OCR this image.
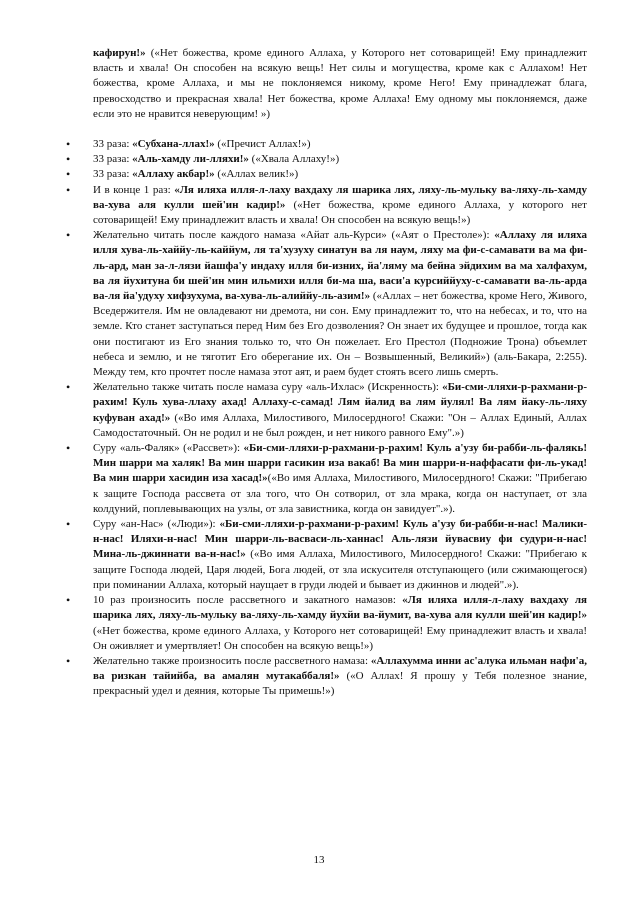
кафирун!» («Нет божества, кроме единого Аллаха, у Которого нет сотоварищей! Ему принадлежит власть и хвала! Он способен на всякую вещь! Нет силы и могущества, кроме как с Аллахом! Нет божества, кроме Аллаха, и мы не поклоняемся никому, кроме Него! Ему принадлежат блага, превосходство и прекрасная хвала! Нет божества, кроме Аллаха! Ему одному мы поклоняемся, даже если это не нравится неверующим! »)

• 33 раза: «Субхана-ллах!» («Пречист Аллах!»)
• 33 раза: «Аль-хамду ли-лляхи!» («Хвала Аллаху!»)
• 33 раза: «Аллаху акбар!» («Аллах велик!»)
• И в конце 1 раз: «Ля иляха илля-л-лаху вахдаху ля шарика лях, ляху-ль-мульку ва-ляху-ль-хамду ва-хува аля кулли шей'ин кадир!» («Нет божества, кроме единого Аллаха, у которого нет сотоварищей! Ему принадлежит власть и хвала! Он способен на всякую вещь!»)
• Желательно читать после каждого намаза «Айат аль-Курси» («Аят о Престоле»): «Аллаху ля иляха илля хува-ль-хаййу-ль-каййум, ля та'хузуху синатун ва ля наум, ляху ма фи-с-самавати ва ма фи-ль-ард, ман за-л-лязи йашфа'у индаху илля би-изних, йа'ляму ма бейна эйдихим ва ма халфахум, ва ля йухитуна би шей'ин мин ильмихи илля би-ма ша, васи'а курсиййуху-с-самавати ва-ль-арда ва-ля йа'удуху хифзухума, ва-хува-ль-алиййу-ль-азим!» («Аллах – нет божества, кроме Него, Живого, Вседержителя. Им не овладевают ни дремота, ни сон. Ему принадлежит то, что на небесах, и то, что на земле. Кто станет заступаться перед Ним без Его дозволения? Он знает их будущее и прошлое, тогда как они постигают из Его знания только то, что Он пожелает. Его Престол (Подножие Трона) объемлет небеса и землю, и не тяготит Его оберегание их. Он – Возвышенный, Великий») (аль-Бакара, 2:255). Между тем, кто прочтет после намаза этот аят, и раем будет стоять всего лишь смерть.
• Желательно также читать после намаза суру «аль-Ихлас» (Искренность): «Би-сми-лляхи-р-рахмани-р-рахим! Куль хува-ллаху ахад! Аллаху-с-самад! Лям йалид ва лям йулял! Ва лям йаку-ль-ляху куфуван ахад!» («Во имя Аллаха, Милостивого, Милосердного! Скажи: "Он – Аллах Единый, Аллах Самодостаточный. Он не родил и не был рожден, и нет никого равного Ему".»)
• Суру «аль-Фаляк» («Рассвет»): «Би-сми-лляхи-р-рахмани-р-рахим! Куль а'узу би-рабби-ль-фалякь! Мин шарри ма халяк! Ва мин шарри гасикин иза вакаб! Ва мин шарри-н-наффасати фи-ль-укад! Ва мин шарри хасидин иза хасад!»(«Во имя Аллаха, Милостивого, Милосердного! Скажи: "Прибегаю к защите Господа рассвета от зла того, что Он сотворил, от зла мрака, когда он наступает, от зла колдуний, поплевывающих на узлы, от зла завистника, когда он завидует".»).
• Суру «ан-Нас» («Люди»): «Би-сми-лляхи-р-рахмани-р-рахим! Куль а'узу би-рабби-н-нас! Малики-н-нас! Иляхи-н-нас! Мин шарри-ль-васваси-ль-ханнас! Аль-лязи йувасвиу фи судури-н-нас! Мина-ль-джиннати ва-н-нас!» («Во имя Аллаха, Милостивого, Милосердного! Скажи: "Прибегаю к защите Господа людей, Царя людей, Бога людей, от зла искусителя отступающего (или сжимающегося) при поминании Аллаха, который наущает в груди людей и бывает из джиннов и людей".»).
• 10 раз произносить после рассветного и закатного намазов: «Ля иляха илля-л-лаху вахдаху ля шарика лях, ляху-ль-мульку ва-ляху-ль-хамду йухйи ва-йумит, ва-хува аля кулли шей'ин кадир!» («Нет божества, кроме единого Аллаха, у Которого нет сотоварищей! Ему принадлежит власть и хвала! Он оживляет и умертвляет! Он способен на всякую вещь!»)
• Желательно также произносить после рассветного намаза: «Аллахумма инни ас'алука ильман нафи'а, ва ризкан тайийба, ва амалян мутакаббаля!» («О Аллах! Я прошу у Тебя полезное знание, прекрасный удел и деяния, которые Ты примешь!»)
13
